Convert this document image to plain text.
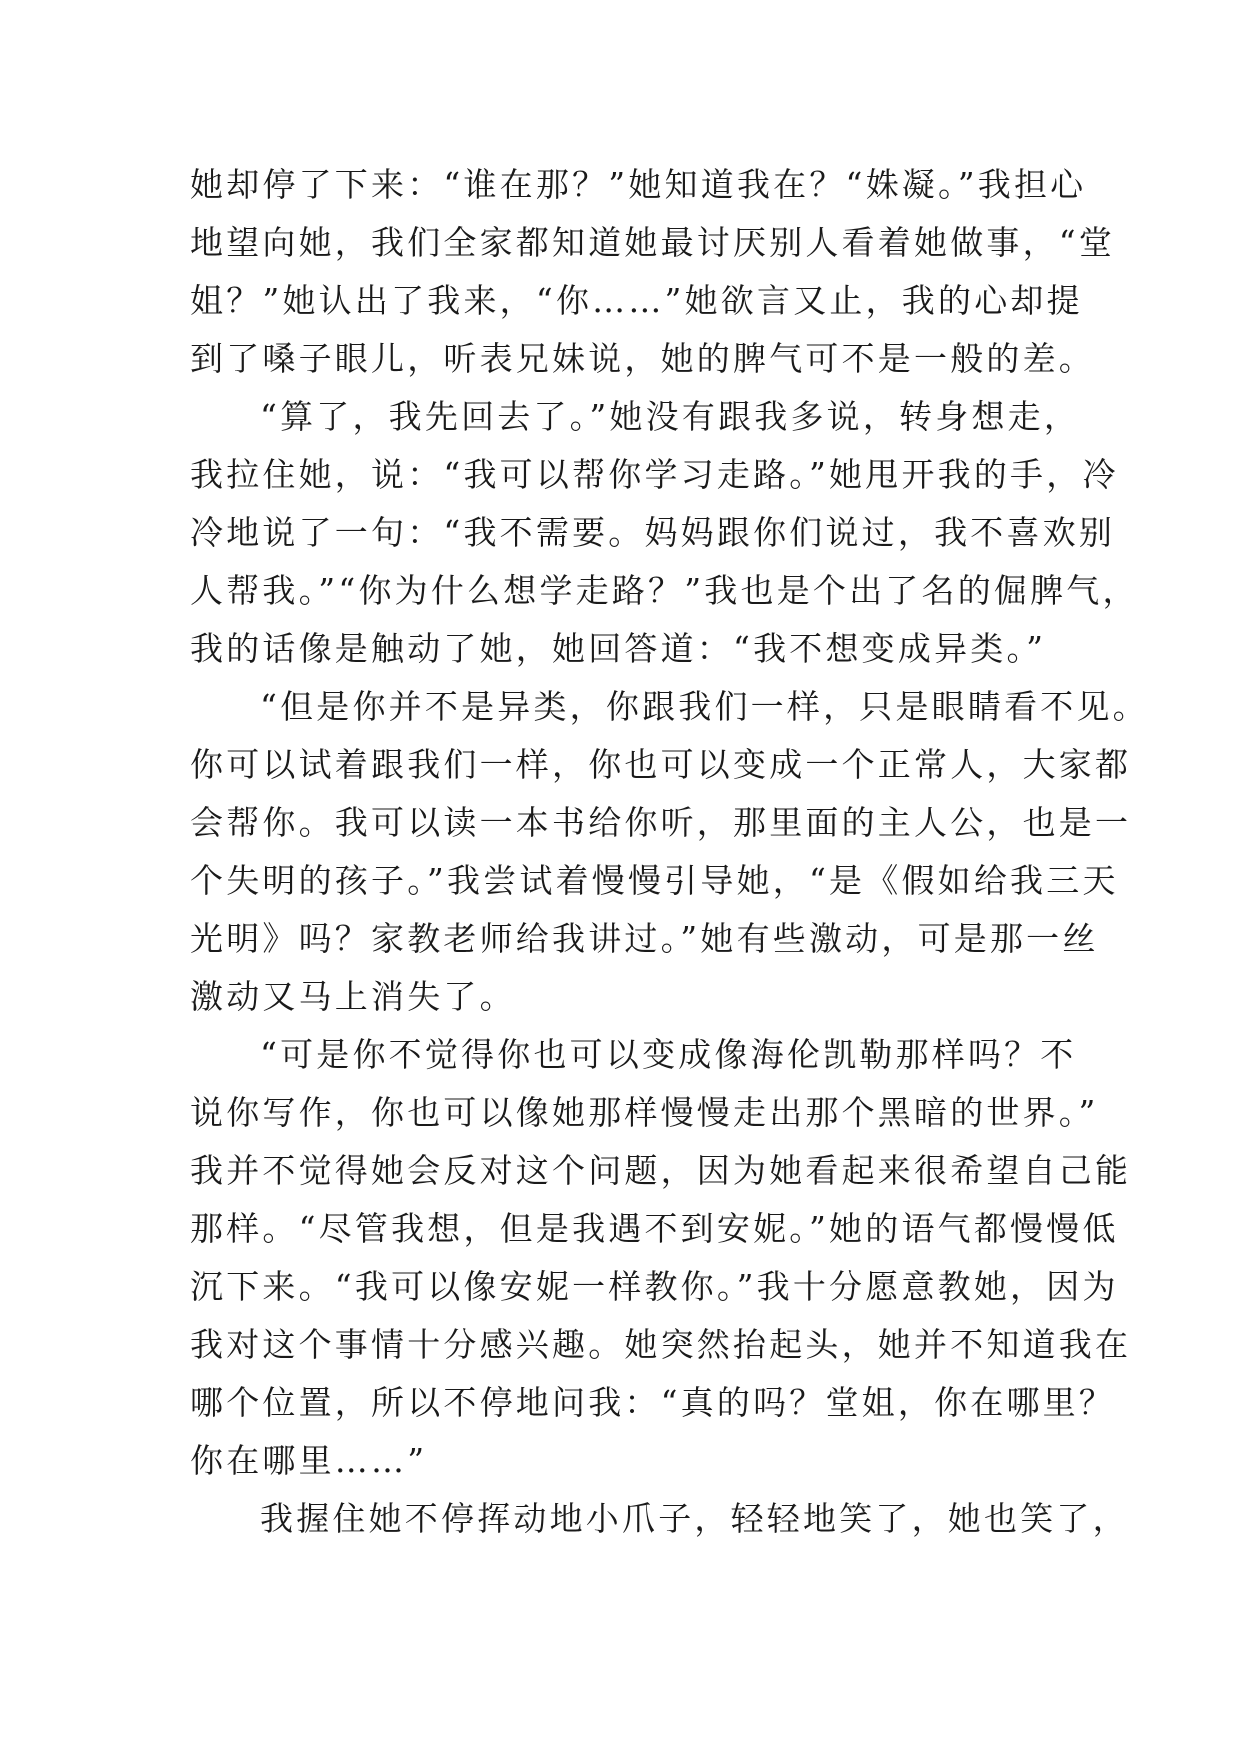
她却停了下来：“谁在那？”她知道我在？“姝凝。”我担心
地望向她，我们全家都知道她最讨厌别人看着她做事，“堂
姐？”她认出了我来，“你……”她欲言又止，我的心却提
到了嗓子眼儿，听表兄妹说，她的脾气可不是一般的差。
“算了，我先回去了。”她没有跟我多说，转身想走，
我拉住她，说：“我可以帮你学习走路。”她甩开我的手，冷
冷地说了一句：“我不需要。妈妈跟你们说过，我不喜欢别
人帮我。”“你为什么想学走路？”我也是个出了名的倔脾气，
我的话像是触动了她，她回答道：“我不想变成异类。”
“但是你并不是异类，你跟我们一样，只是眼睛看不见。
你可以试着跟我们一样，你也可以变成一个正常人，大家都
会帮你。我可以读一本书给你听，那里面的主人公，也是一
个失明的孩子。”我尝试着慢慢引导她，“是《假如给我三天
光明》吗？家教老师给我讲过。”她有些激动，可是那一丝
激动又马上消失了。
“可是你不觉得你也可以变成像海伦凯勒那样吗？不
说你写作，你也可以像她那样慢慢走出那个黑暗的世界。”
我并不觉得她会反对这个问题，因为她看起来很希望自己能
那样。“尽管我想，但是我遇不到安妮。”她的语气都慢慢低
沉下来。“我可以像安妮一样教你。”我十分愿意教她，因为
我对这个事情十分感兴趣。她突然抬起头，她并不知道我在
哪个位置，所以不停地问我：“真的吗？堂姐，你在哪里？
你在哪里……”
我握住她不停挥动地小爪子，轻轻地笑了，她也笑了，
